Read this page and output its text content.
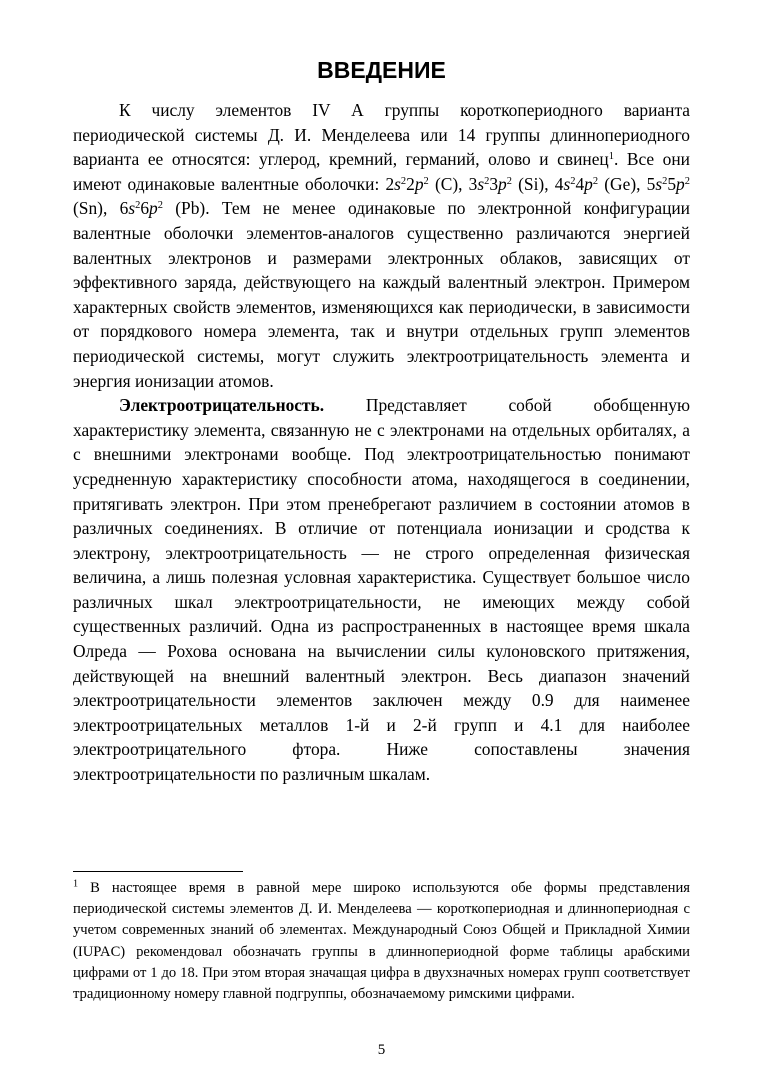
ВВЕДЕНИЕ

К числу элементов IV А группы короткопериодного варианта периодической системы Д. И. Менделеева или 14 группы длиннопериодного варианта ее относятся: углерод, кремний, германий, олово и свинец$^1$. Все они имеют одинаковые валентные оболочки: $2s^22p^2$ (C), $3s^23p^2$ (Si), $4s^24p^2$ (Ge), $5s^25p^2$ (Sn), $6s^26p^2$ (Pb). Тем не менее одинаковые по электронной конфигурации валентные оболочки элементов-аналогов существенно различаются энергией валентных электронов и размерами электронных облаков, зависящих от эффективного заряда, действующего на каждый валентный электрон. Примером характерных свойств элементов, изменяющихся как периодически, в зависимости от порядкового номера элемента, так и внутри отдельных групп элементов периодической системы, могут служить электроотрицательность элемента и энергия ионизации атомов.

Электроотрицательность. Представляет собой обобщенную характеристику элемента, связанную не с электронами на отдельных орбиталях, а с внешними электронами вообще. Под электроотрицательностью понимают усредненную характеристику способности атома, находящегося в соединении, притягивать электрон. При этом пренебрегают различием в состоянии атомов в различных соединениях. В отличие от потенциала ионизации и сродства к электрону, электроотрицательность — не строго определенная физическая величина, а лишь полезная условная характеристика. Существует большое число различных шкал электроотрицательности, не имеющих между собой существенных различий. Одна из распространенных в настоящее время шкала Олреда — Рохова основана на вычислении силы кулоновского притяжения, действующей на внешний валентный электрон. Весь диапазон значений электроотрицательности элементов заключен между 0.9 для наименее электроотрицательных металлов 1-й и 2-й групп и 4.1 для наиболее электроотрицательного фтора. Ниже сопоставлены значения электроотрицательности по различным шкалам.

$^1$ В настоящее время в равной мере широко используются обе формы представления периодической системы элементов Д. И. Менделеева — короткопериодная и длиннопериодная с учетом современных знаний об элементах. Международный Союз Общей и Прикладной Химии (IUPAC) рекомендовал обозначать группы в длиннопериодной форме таблицы арабскими цифрами от 1 до 18. При этом вторая значащая цифра в двухзначных номерах групп соответствует традиционному номеру главной подгруппы, обозначаемому римскими цифрами.

5
